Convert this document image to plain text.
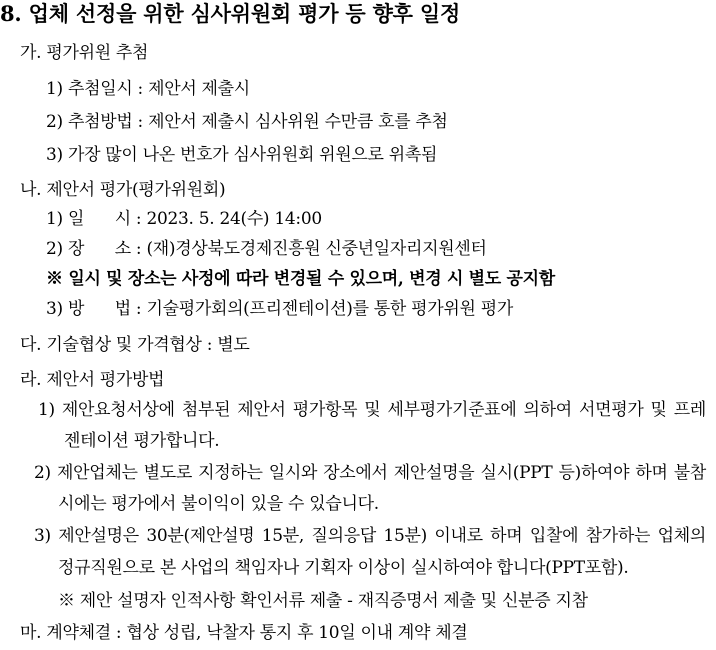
8. 업체 선정을 위한 심사위원회 평가 등 향후 일정
가. 평가위원 추첨
1) 추첨일시 : 제안서 제출시
2) 추첨방법 : 제안서 제출시 심사위원 수만큼 호를 추첨
3) 가장 많이 나온 번호가 심사위원회 위원으로 위촉됨
나. 제안서 평가(평가위원회)
1) 일      시 : 2023. 5. 24(수) 14:00
2) 장      소 : (재)경상북도경제진흥원 신중년일자리지원센터
※ 일시 및 장소는 사정에 따라 변경될 수 있으며, 변경 시 별도 공지함
3) 방      법 : 기술평가회의(프리젠테이션)를 통한 평가위원 평가
다. 기술협상 및 가격협상 : 별도
라. 제안서 평가방법
1) 제안요청서상에 첨부된 제안서 평가항목 및 세부평가기준표에 의하여 서면평가 및 프레
젠테이션 평가합니다.
2) 제안업체는 별도로 지정하는 일시와 장소에서 제안설명을 실시(PPT 등)하여야 하며 불참
시에는 평가에서 불이익이 있을 수 있습니다.
3) 제안설명은 30분(제안설명 15분, 질의응답 15분) 이내로 하며 입찰에 참가하는 업체의
정규직원으로 본 사업의 책임자나 기획자 이상이 실시하여야 합니다(PPT포함).
※ 제안 설명자 인적사항 확인서류 제출 - 재직증명서 제출 및 신분증 지참
마. 계약체결 : 협상 성립, 낙찰자 통지 후 10일 이내 계약 체결
